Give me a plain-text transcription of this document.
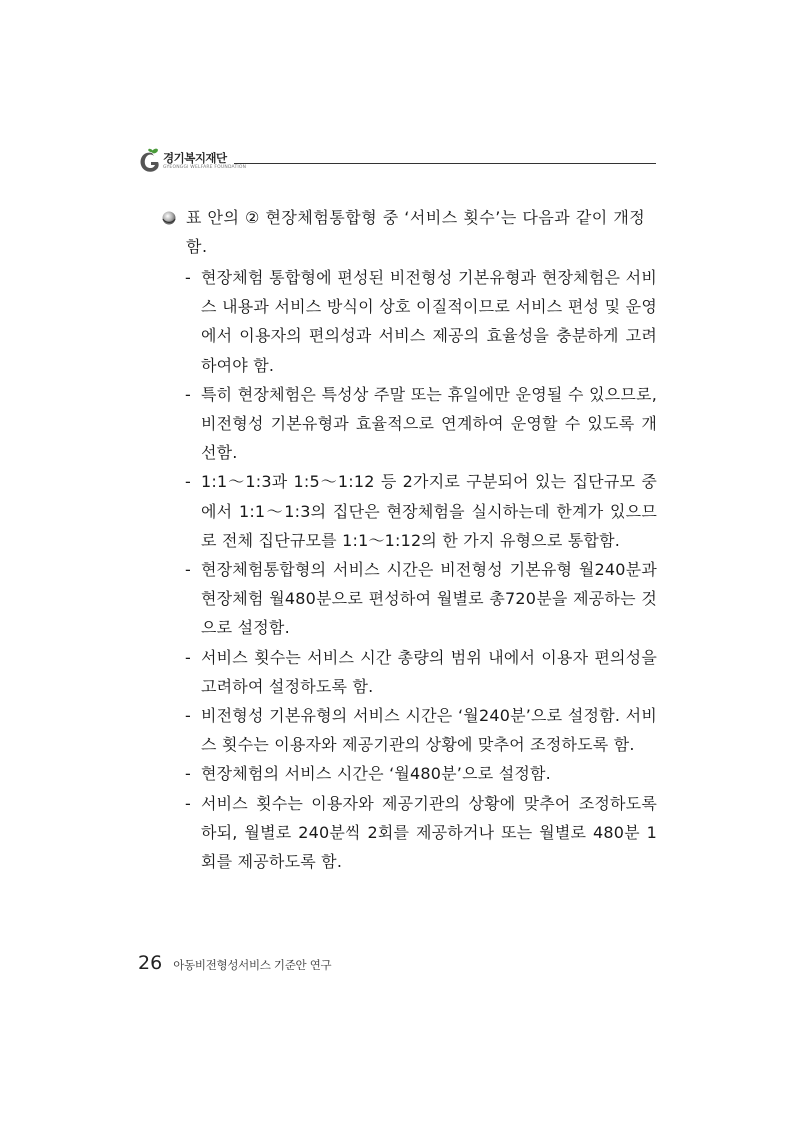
경기복지재단
GYEONGGI WELFARE FOUNDATION
표 안의 ② 현장체험통합형 중 ‘서비스 횟수’는 다음과 같이 개정함.
- 현장체험 통합형에 편성된 비전형성 기본유형과 현장체험은 서비스 내용과 서비스 방식이 상호 이질적이므로 서비스 편성 및 운영에서 이용자의 편의성과 서비스 제공의 효율성을 충분하게 고려하여야 함.
- 특히 현장체험은 특성상 주말 또는 휴일에만 운영될 수 있으므로, 비전형성 기본유형과 효율적으로 연계하여 운영할 수 있도록 개선함.
- 1:1～1:3과 1:5～1:12 등 2가지로 구분되어 있는 집단규모 중에서 1:1～1:3의 집단은 현장체험을 실시하는데 한계가 있으므로 전체 집단규모를 1:1～1:12의 한 가지 유형으로 통합함.
- 현장체험통합형의 서비스 시간은 비전형성 기본유형 월240분과 현장체험 월480분으로 편성하여 월별로 총720분을 제공하는 것으로 설정함.
- 서비스 횟수는 서비스 시간 총량의 범위 내에서 이용자 편의성을 고려하여 설정하도록 함.
- 비전형성 기본유형의 서비스 시간은 ‘월240분’으로 설정함. 서비스 횟수는 이용자와 제공기관의 상황에 맞추어 조정하도록 함.
- 현장체험의 서비스 시간은 ‘월480분’으로 설정함.
- 서비스 횟수는 이용자와 제공기관의 상황에 맞추어 조정하도록 하되, 월별로 240분씩 2회를 제공하거나 또는 월별로 480분 1회를 제공하도록 함.
26 아동비전형성서비스 기준안 연구
